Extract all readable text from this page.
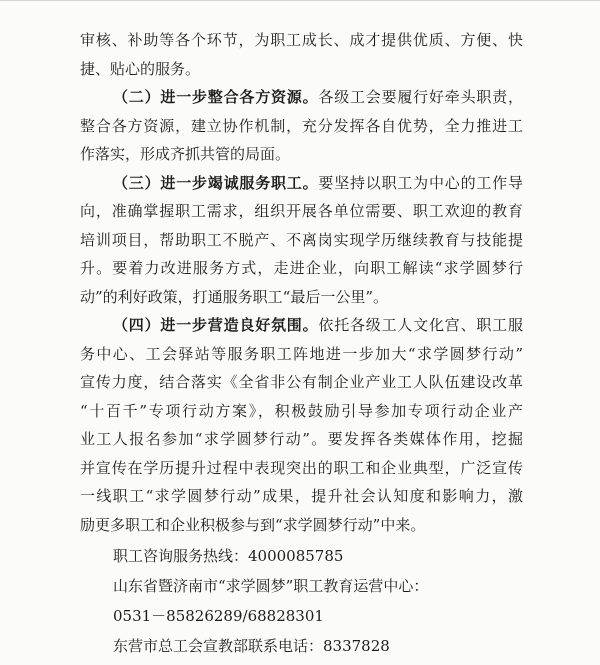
审核、补助等各个环节，为职工成长、成才提供优质、方便、快
捷、贴心的服务。
（二）进一步整合各方资源。各级工会要履行好牵头职责，
整合各方资源，建立协作机制，充分发挥各自优势，全力推进工
作落实，形成齐抓共管的局面。
（三）进一步竭诚服务职工。要坚持以职工为中心的工作导
向，准确掌握职工需求，组织开展各单位需要、职工欢迎的教育
培训项目，帮助职工不脱产、不离岗实现学历继续教育与技能提
升。要着力改进服务方式，走进企业，向职工解读“求学圆梦行
动”的利好政策，打通服务职工“最后一公里”。
（四）进一步营造良好氛围。依托各级工人文化宫、职工服
务中心、工会驿站等服务职工阵地进一步加大“求学圆梦行动”
宣传力度，结合落实《全省非公有制企业产业工人队伍建设改革
“十百千”专项行动方案》，积极鼓励引导参加专项行动企业产
业工人报名参加“求学圆梦行动”。要发挥各类媒体作用，挖掘
并宣传在学历提升过程中表现突出的职工和企业典型，广泛宣传
一线职工“求学圆梦行动”成果，提升社会认知度和影响力，激
励更多职工和企业积极参与到“求学圆梦行动”中来。
职工咨询服务热线：4000085785
山东省暨济南市“求学圆梦”职工教育运营中心：
0531－85826289/68828301
东营市总工会宣教部联系电话：8337828
